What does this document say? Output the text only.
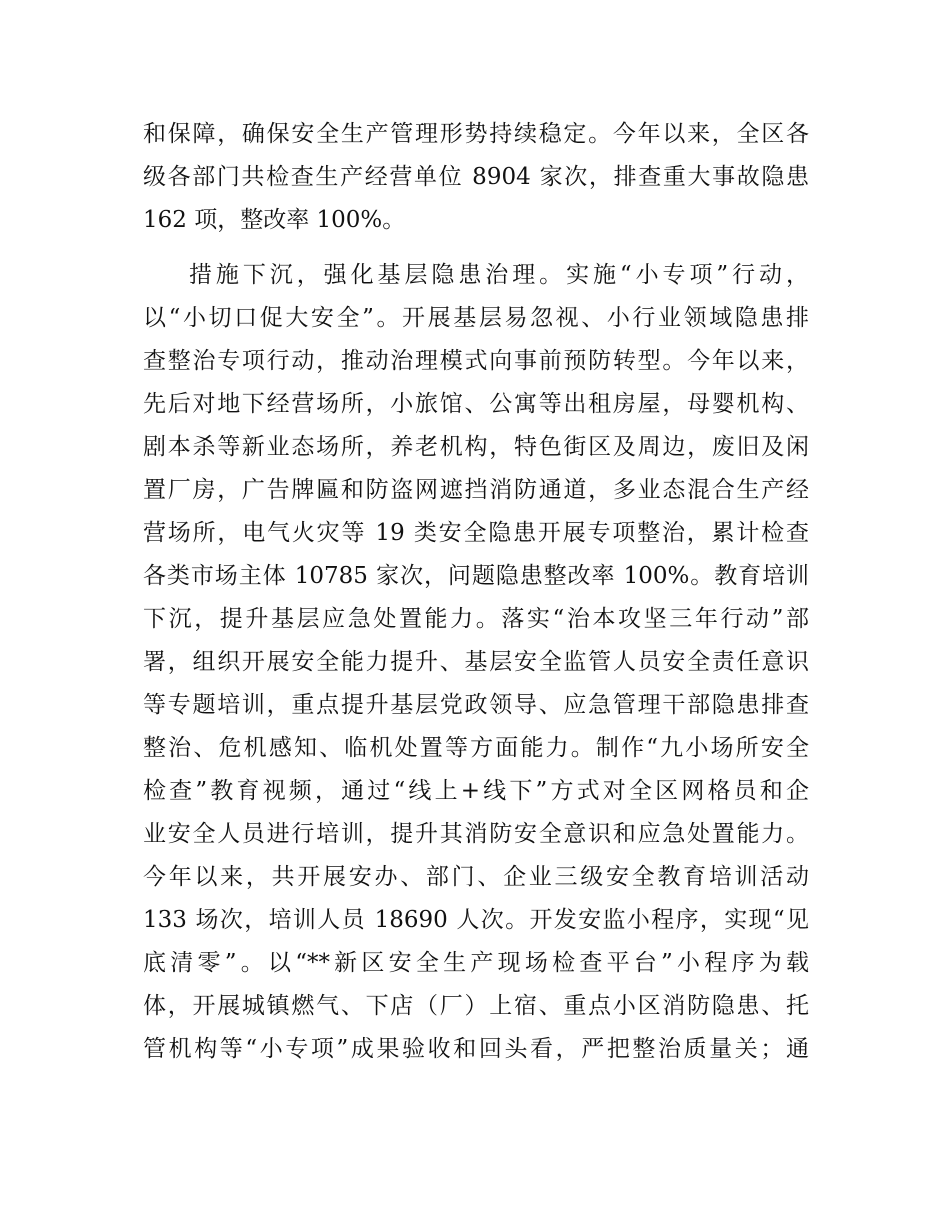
和保障，确保安全生产管理形势持续稳定。今年以来，全区各
级各部门共检查生产经营单位 8904 家次，排查重大事故隐患
162 项，整改率 100%。
措施下沉，强化基层隐患治理。实施“小专项”行动，
以“小切口促大安全”。开展基层易忽视、小行业领域隐患排
查整治专项行动，推动治理模式向事前预防转型。今年以来，
先后对地下经营场所，小旅馆、公寓等出租房屋，母婴机构、
剧本杀等新业态场所，养老机构，特色街区及周边，废旧及闲
置厂房，广告牌匾和防盗网遮挡消防通道，多业态混合生产经
营场所，电气火灾等 19 类安全隐患开展专项整治，累计检查
各类市场主体 10785 家次，问题隐患整改率 100%。教育培训
下沉，提升基层应急处置能力。落实“治本攻坚三年行动”部
署，组织开展安全能力提升、基层安全监管人员安全责任意识
等专题培训，重点提升基层党政领导、应急管理干部隐患排查
整治、危机感知、临机处置等方面能力。制作“九小场所安全
检查”教育视频，通过“线上+线下”方式对全区网格员和企
业安全人员进行培训，提升其消防安全意识和应急处置能力。
今年以来，共开展安办、部门、企业三级安全教育培训活动
133 场次，培训人员 18690 人次。开发安监小程序，实现“见
底清零”。以“**新区安全生产现场检查平台”小程序为载
体，开展城镇燃气、下店（厂）上宿、重点小区消防隐患、托
管机构等“小专项”成果验收和回头看，严把整治质量关；通
